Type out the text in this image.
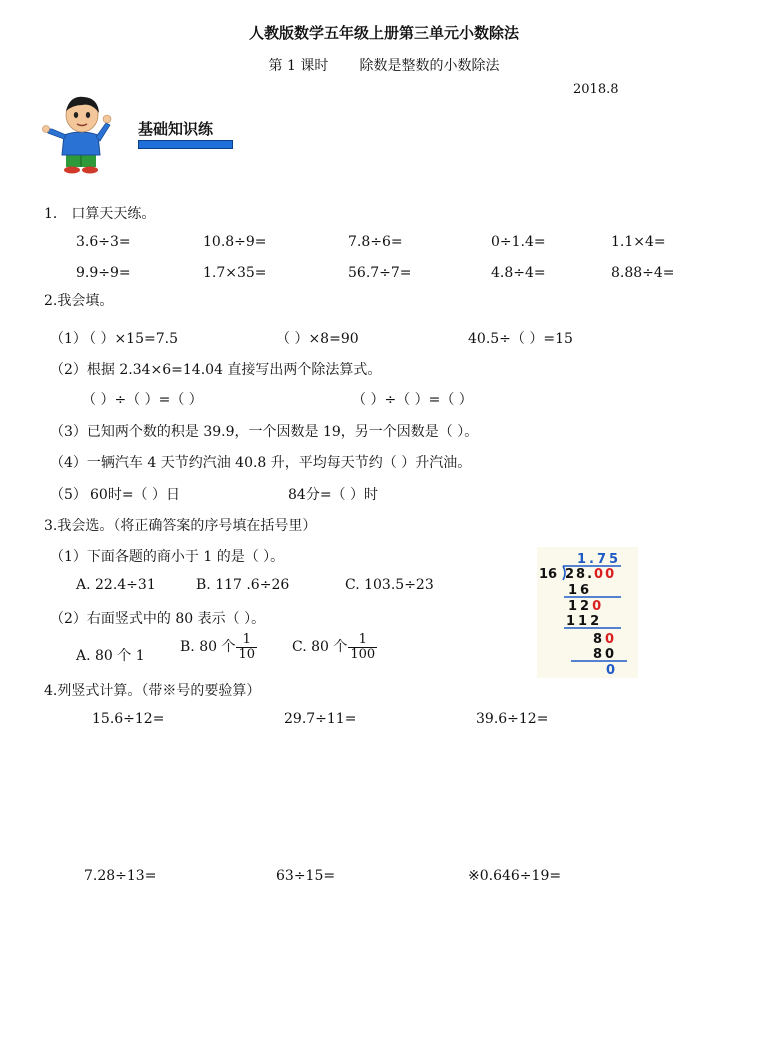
人教版数学五年级上册第三单元小数除法
第 1 课时 除数是整数的小数除法
2018.8
基础知识练
1． 口算天天练。
3.6÷3=	10.8÷9=	7.8÷6=	0÷1.4=	1.1×4=
9.9÷9=	1.7×35=	56.7÷7=	4.8÷4=	8.88÷4=
2.我会填。
（1）
（ ）×15=7.5	（ ）×8=90	40.5÷（ ）=15
（2）根据 2.34×6=14.04 直接写出两个除法算式。
（ ）÷（ ）=（ ）	（ ）÷（ ）=（ ）
（3）已知两个数的积是 39.9，一个因数是 19，另一个因数是（ ）。
（4）一辆汽车 4 天节约汽油 40.8 升，平均每天节约（ ）升汽油。
（5） 60时=（ ）日	84分=（ ）时
3.我会选。（将正确答案的序号填在括号里）
（1）下面各题的商小于 1 的是（ ）。
A. 22.4÷31	B. 117 .6÷26	C. 103.5÷23
（2）右面竖式中的 80 表示（ ）。
A. 80 个 1
B. 80 个 $\frac{1}{10}$	C. 80 个 $\frac{1}{100}$
1.75
16 28.00
16
120
112
80
80
0
4.列竖式计算。（带※号的要验算）
15.6÷12=	29.7÷11=	39.6÷12=
7.28÷13=	63÷15=	※0.646÷19=
